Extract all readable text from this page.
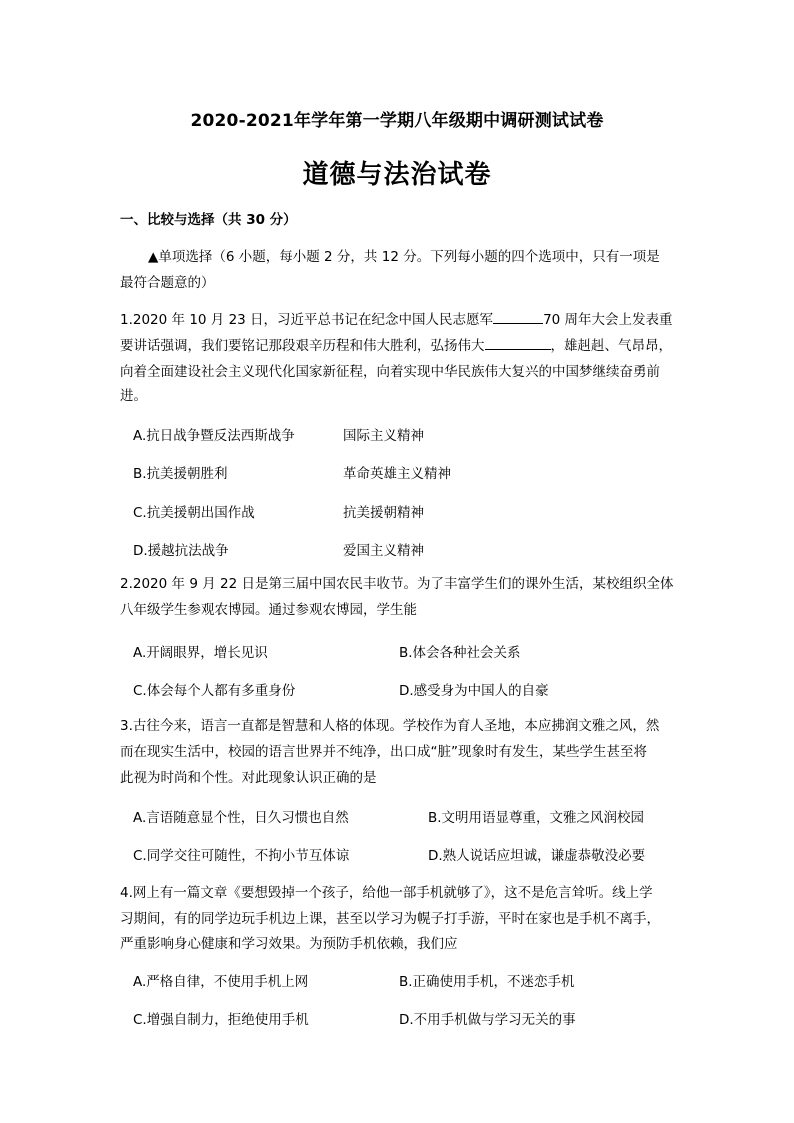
2020-2021年学年第一学期八年级期中调研测试试卷
道德与法治试卷
一、比较与选择（共 30 分）
▲单项选择（6 小题，每小题 2 分，共 12 分。下列每小题的四个选项中，只有一项是
最符合题意的）
1.2020 年 10 月 23 日，习近平总书记在纪念中国人民志愿军	70 周年大会上发表重
要讲话强调，我们要铭记那段艰辛历程和伟大胜利，弘扬伟大	，雄赳赳、气昂昂，
向着全面建设社会主义现代化国家新征程，向着实现中华民族伟大复兴的中国梦继续奋勇前
进。
A.抗日战争暨反法西斯战争	国际主义精神
B.抗美援朝胜利	革命英雄主义精神
C.抗美援朝出国作战	抗美援朝精神
D.援越抗法战争	爱国主义精神
2.2020 年 9 月 22 日是第三届中国农民丰收节。为了丰富学生们的课外生活，某校组织全体
八年级学生参观农博园。通过参观农博园，学生能
A.开阔眼界，增长见识	B.体会各种社会关系
C.体会每个人都有多重身份	D.感受身为中国人的自豪
3.古往今来，语言一直都是智慧和人格的体现。学校作为育人圣地，本应拂润文雅之风，然
而在现实生活中，校园的语言世界并不纯净，出口成“脏”现象时有发生，某些学生甚至将
此视为时尚和个性。对此现象认识正确的是
A.言语随意显个性，日久习惯也自然	B.文明用语显尊重，文雅之风润校园
C.同学交往可随性，不拘小节互体谅	D.熟人说话应坦诚，谦虚恭敬没必要
4.网上有一篇文章《要想毁掉一个孩子，给他一部手机就够了》，这不是危言耸听。线上学
习期间，有的同学边玩手机边上课，甚至以学习为幌子打手游，平时在家也是手机不离手，
严重影响身心健康和学习效果。为预防手机依赖，我们应
A.严格自律，不使用手机上网	B.正确使用手机，不迷恋手机
C.增强自制力，拒绝使用手机	D.不用手机做与学习无关的事
